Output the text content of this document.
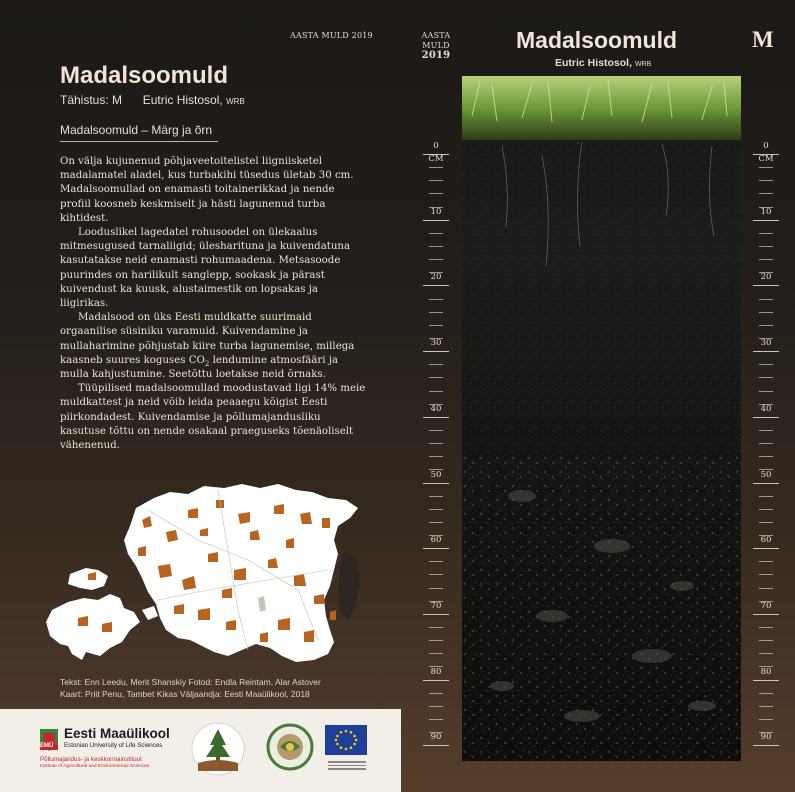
AASTA MULD 2019
Madalsoomuld
Tähistus: M Eutric Histosol, WRB
Madalsoomuld – Märg ja õrn

On välja kujunenud põhjaveetoitelistel liigniisketel madalamatel aladel, kus turbakihi tüsedus ületab 30 cm. Madalsoomullad on enamasti toitainerikkad ja nende profiil koosneb keskmiselt ja hästi lagunenud turba kihtidest.

Looduslikel lagedatel rohusoodel on ülekaalus mitmesugused tarnaliigid; ülesharituna ja kuivendatuna kasutatakse neid enamasti rohumaadena. Metsasoode puurindes on harilikult sanglepp, sookask ja pärast kuivendust ka kuusk, alustaimestik on lopsakas ja liigirikas.

Madalsood on üks Eesti muldkatte suurimaid orgaanilise süsiniku varamuid. Kuivendamine ja mullaharimine põhjustab kiire turba lagunemise, millega kaasneb suures koguses $CO_2$ lendumine atmosfääri ja mulla kahjustumine. Seetõttu loetakse neid õrnaks.

Tüüpilised madalsoomullad moodustavad ligi 14% meie muldkattest ja neid võib leida peaaegu kõigist Eesti piirkondadest. Kuivendamise ja põllumajandusliku kasutuse tõttu on nende osakaal praeguseks tõenäoliselt vähenenud.

Tekst: Enn Leedu, Merit Shanskiy Fotod: Endla Reintam, Alar Astover
Kaart: Priit Penu, Tambet Kikas Väljaandja: Eesti Maaülikool, 2018
EMÜ
Eesti Maaülikool
Estonian University of Life Sciences
Põllumajandus- ja keskkonnainstituut
Institute of Agricultural and Environmental Sciences
AASTA
MULD
2019
Madalsoomuld
Eutric Histosol, WRB
M
0
CM
10
20
30
40
50
60
70
80
90
0
CM
10
20
30
40
50
60
70
80
90
